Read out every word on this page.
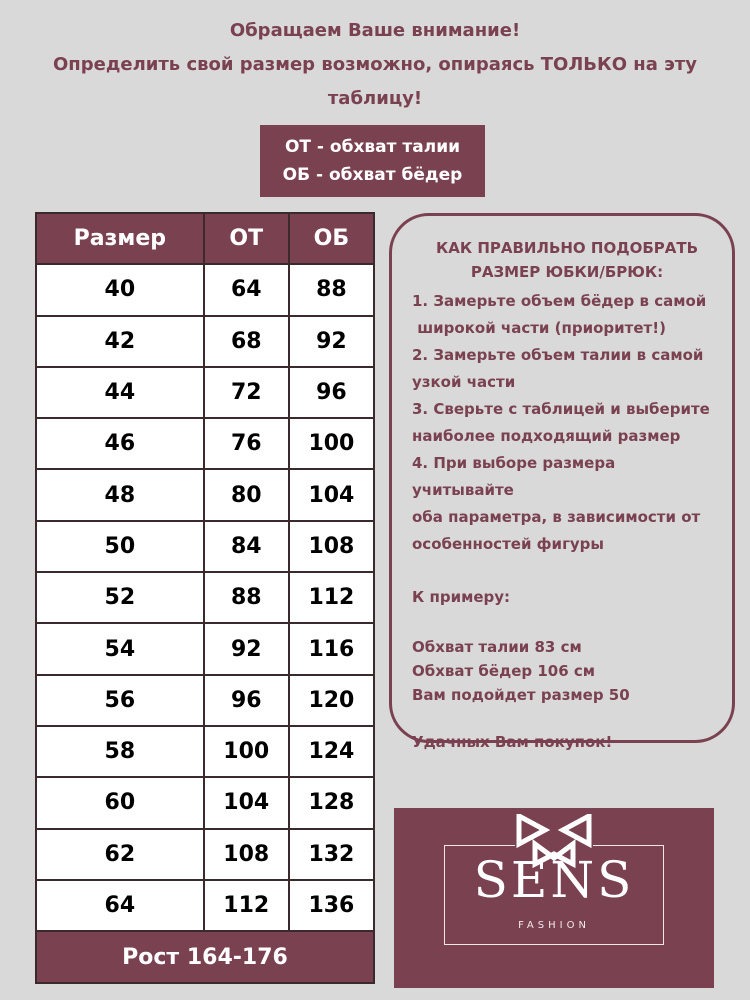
Обращаем Ваше внимание!
Определить свой размер возможно, опираясь ТОЛЬКО на эту
таблицу!
ОТ - обхват талии
ОБ - обхват бёдер
Размер	ОТ	ОБ
40	64	88
42	68	92
44	72	96
46	76	100
48	80	104
50	84	108
52	88	112
54	92	116
56	96	120
58	100	124
60	104	128
62	108	132
64	112	136
Рост 164-176		
КАК ПРАВИЛЬНО ПОДОБРАТЬ
РАЗМЕР ЮБКИ/БРЮК:

1. Замерьте объем бёдер в самой

широкой части (приоритет!)

2. Замерьте объем талии в самой

узкой части

3. Сверьте с таблицей и выберите

наиболее подходящий размер

4. При выборе размера учитывайте

оба параметра, в зависимости от

особенностей фигуры

К примеру:
Обхват талии 83 см
Обхват бёдер 106 см
Вам подойдет размер 50
Удачных Вам покупок!
SENS
FASHION
